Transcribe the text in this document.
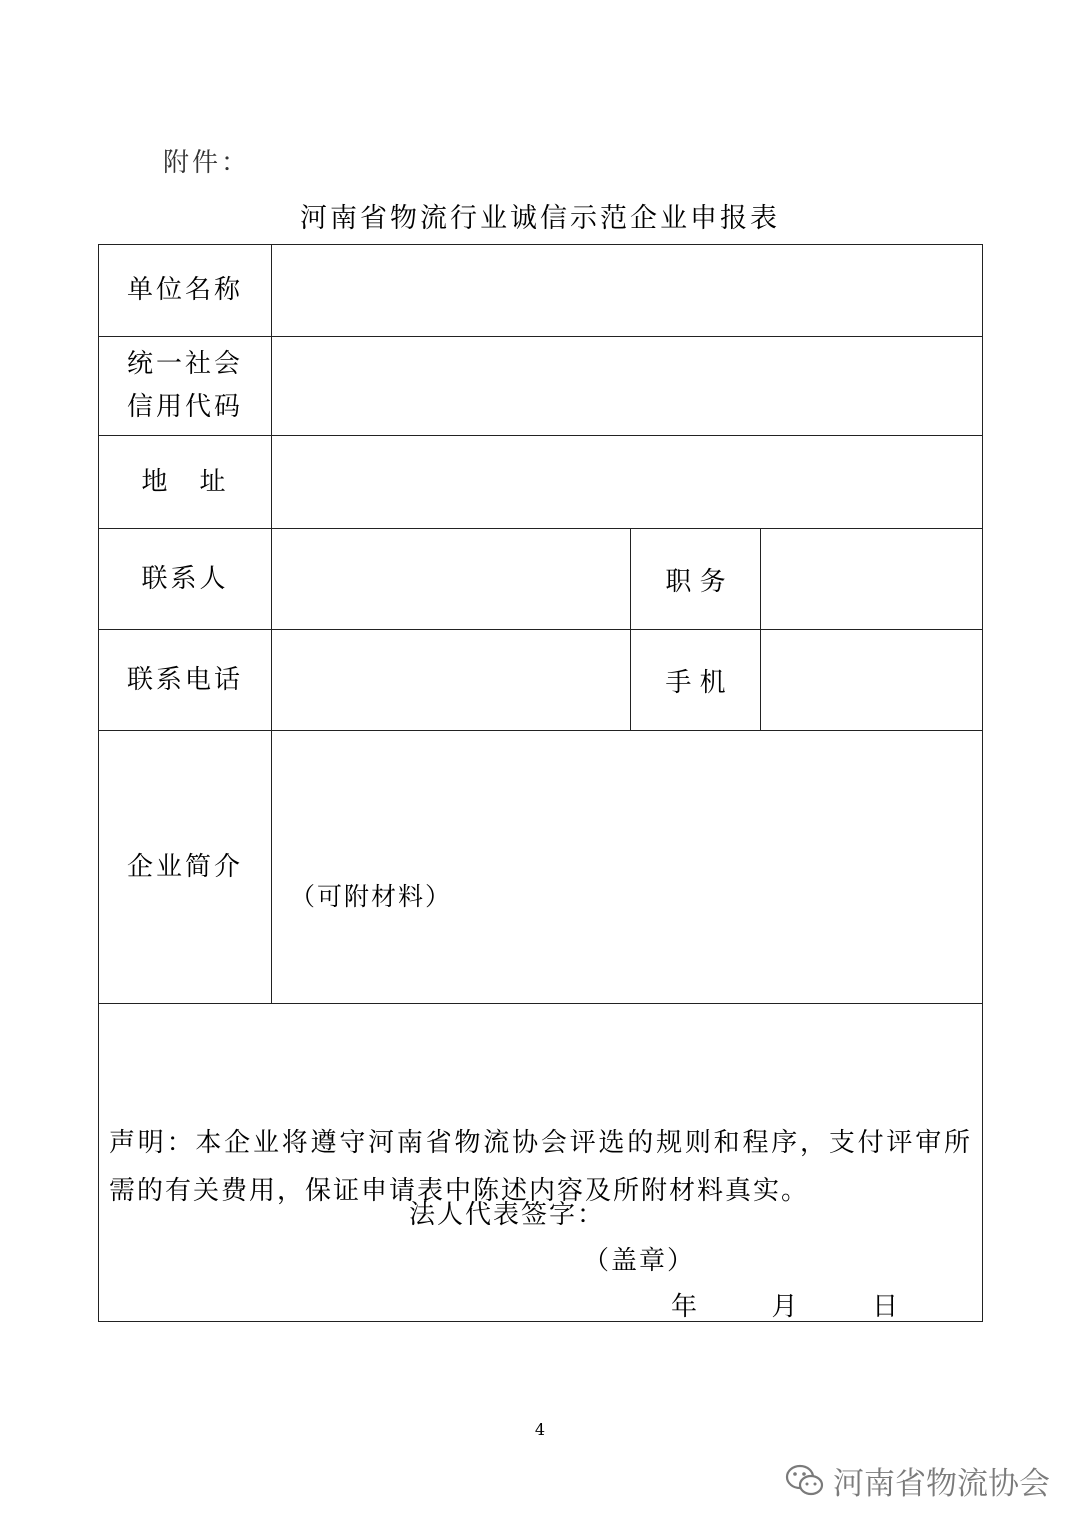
附件：
河南省物流行业诚信示范企业申报表
单位名称			

统一社会
信用代码			

地　址			
联系人		职 务	
联系电话		手 机	
企业简介	（可附材料）		

声明：本企业将遵守河南省物流协会评选的规则和程序，支付评审所需的有关费用，保证申请表中陈述内容及所附材料真实。
法人代表签字：
（盖章）
年 月 日			
4
河南省物流协会
